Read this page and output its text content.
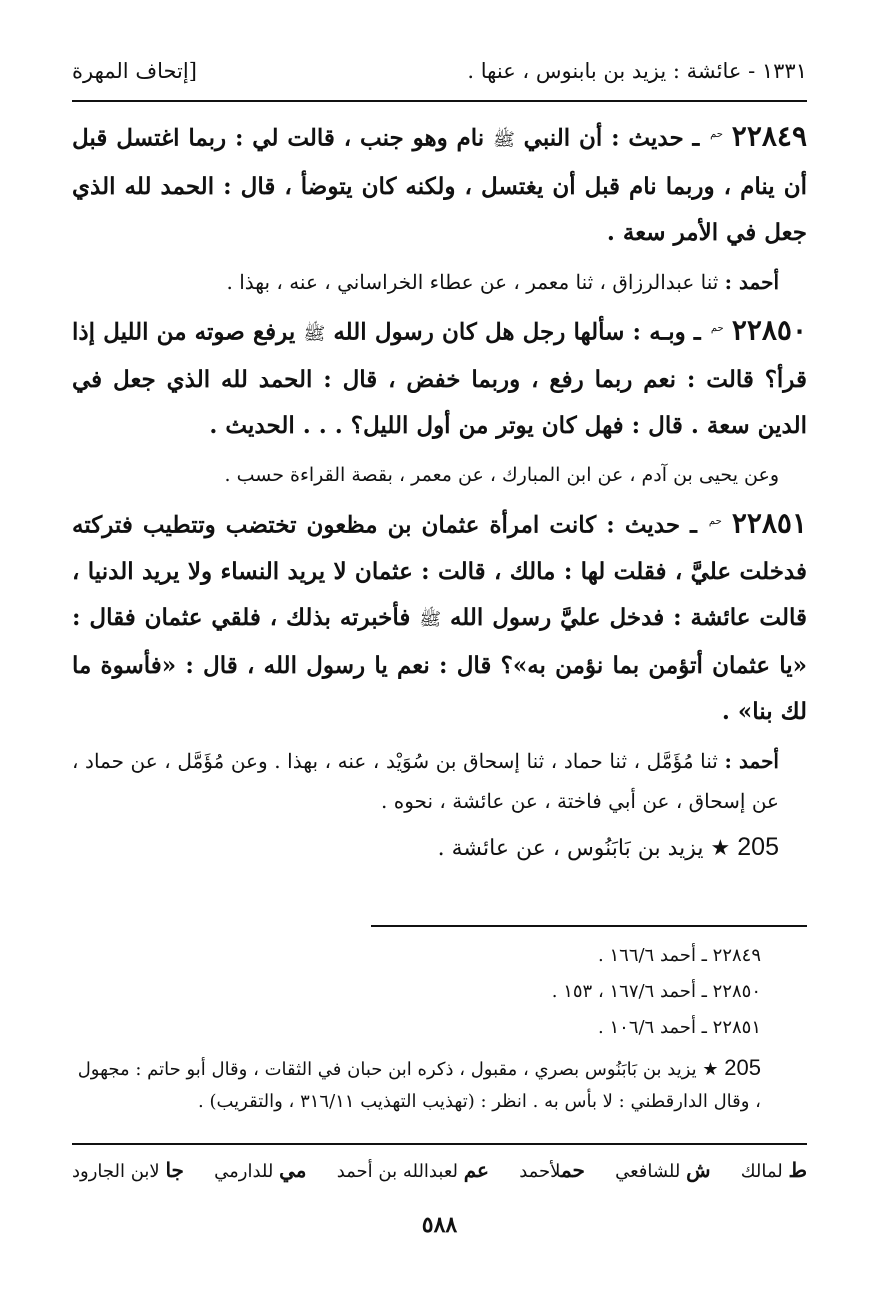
١٣٣١ - عائشة : يزيد بن بابنوس ، عنها .
[إتحاف المهرة

٢٢٨٤٩ $^{حم}$ ـ حديث : أن النبي ﷺ نام وهو جنب ، قالت لي : ربما اغتسل قبل أن ينام ، وربما نام قبل أن يغتسل ، ولكنه كان يتوضأ ، قال : الحمد لله الذي جعل في الأمر سعة .

أحمد : ثنا عبدالرزاق ، ثنا معمر ، عن عطاء الخراساني ، عنه ، بهذا .

٢٢٨٥٠ $^{حم}$ ـ وبـه : سألها رجل هل كان رسول الله ﷺ يرفع صوته من الليل إذا قرأ؟ قالت : نعم ربما رفع ، وربما خفض ، قال : الحمد لله الذي جعل في الدين سعة . قال : فهل كان يوتر من أول الليل؟ . . . الحديث .

وعن يحيى بن آدم ، عن ابن المبارك ، عن معمر ، بقصة القراءة حسب .

٢٢٨٥١ $^{حم}$ ـ حديث : كانت امرأة عثمان بن مظعون تختضب وتتطيب فتركته فدخلت عليَّ ، فقلت لها : مالك ، قالت : عثمان لا يريد النساء ولا يريد الدنيا ، قالت عائشة : فدخل عليَّ رسول الله ﷺ فأخبرته بذلك ، فلقي عثمان فقال : «يا عثمان أتؤمن بما نؤمن به»؟ قال : نعم يا رسول الله ، قال : «فأسوة ما لك بنا» .

أحمد : ثنا مُؤَمَّل ، ثنا حماد ، ثنا إسحاق بن سُوَيْد ، عنه ، بهذا . وعن مُؤَمَّل ، عن حماد ، عن إسحاق ، عن أبي فاختة ، عن عائشة ، نحوه .

205 ★ يزيد بن بَابَنُوس ، عن عائشة .

٢٢٨٤٩ ـ أحمد ١٦٦/٦ .

٢٢٨٥٠ ـ أحمد ١٦٧/٦ ، ١٥٣ .

٢٢٨٥١ ـ أحمد ١٠٦/٦ .

205 ★ يزيد بن بَابَنُوس بصري ، مقبول ، ذكره ابن حبان في الثقات ، وقال أبو حاتم : مجهول ، وقال الدارقطني : لا بأس به . انظر : (تهذيب التهذيب ٣١٦/١١ ، والتقريب) .

ط لمالك
ش للشافعي
حملأحمد
عم لعبدالله بن أحمد
مي للدارمي
جا لابن الجارود
٥٨٨
